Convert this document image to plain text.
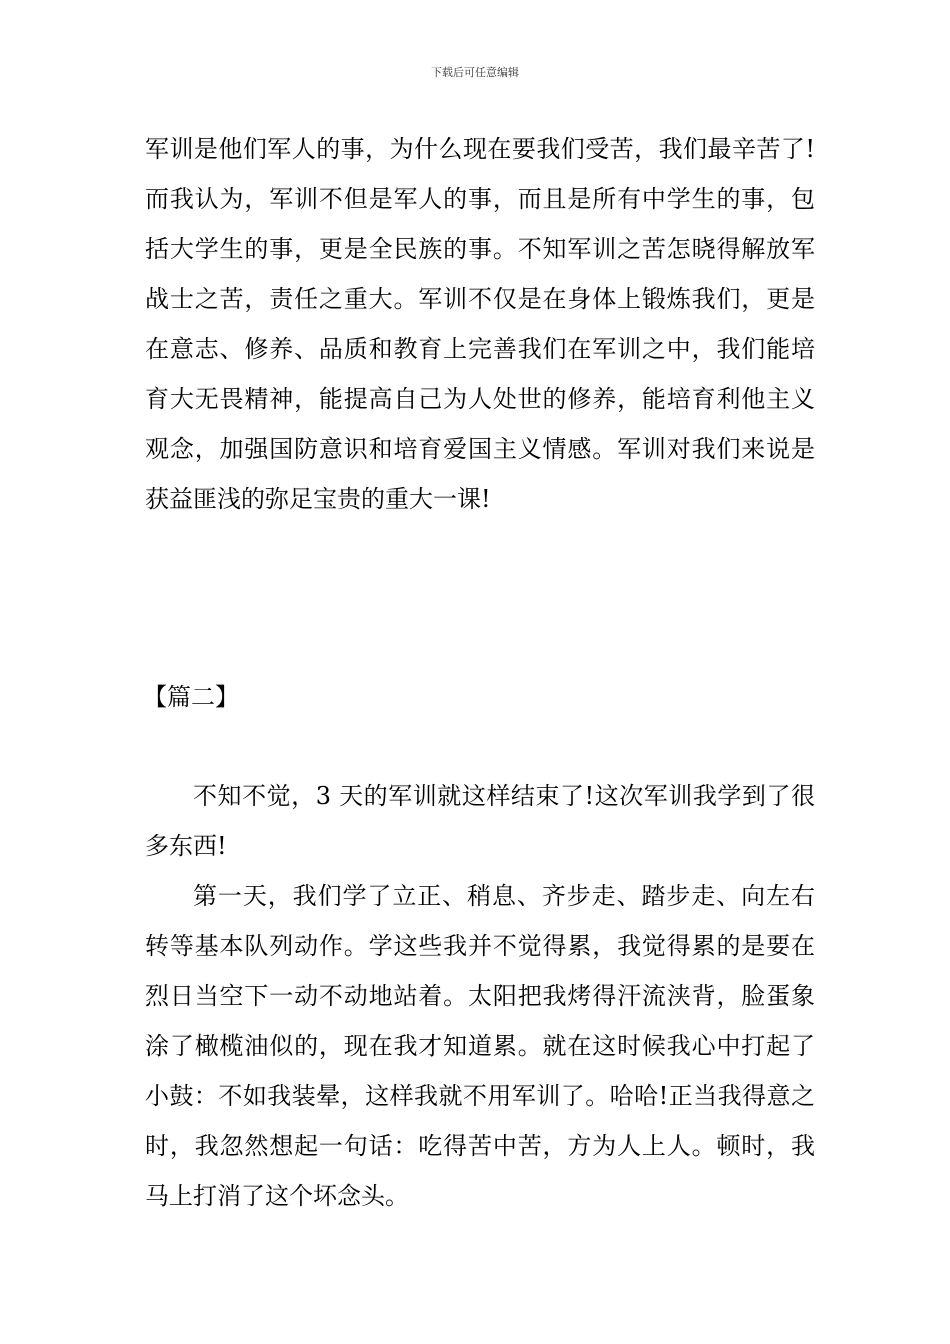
下载后可任意编辑

军训是他们军人的事，为什么现在要我们受苦，我们最辛苦了!而我认为，军训不但是军人的事，而且是所有中学生的事，包括大学生的事，更是全民族的事。不知军训之苦怎晓得解放军战士之苦，责任之重大。军训不仅是在身体上锻炼我们，更是在意志、修养、品质和教育上完善我们在军训之中，我们能培育大无畏精神，能提高自己为人处世的修养，能培育利他主义观念，加强国防意识和培育爱国主义情感。军训对我们来说是获益匪浅的弥足宝贵的重大一课!

【篇二】

不知不觉，3 天的军训就这样结束了!这次军训我学到了很多东西!

第一天，我们学了立正、稍息、齐步走、踏步走、向左右转等基本队列动作。学这些我并不觉得累，我觉得累的是要在烈日当空下一动不动地站着。太阳把我烤得汗流浃背，脸蛋象涂了橄榄油似的，现在我才知道累。就在这时候我心中打起了小鼓：不如我装晕，这样我就不用军训了。哈哈!正当我得意之时，我忽然想起一句话：吃得苦中苦，方为人上人。顿时，我马上打消了这个坏念头。
